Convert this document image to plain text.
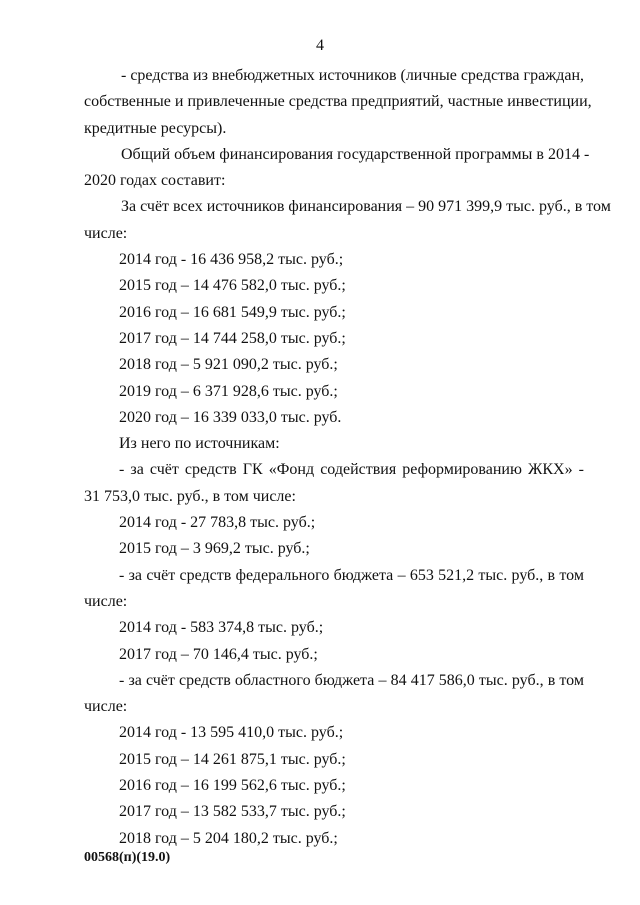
4
- средства из внебюджетных источников (личные средства граждан,
собственные и привлеченные средства предприятий, частные инвестиции,
кредитные ресурсы).
Общий объем финансирования государственной программы в 2014 -
2020 годах составит:
За счёт всех источников финансирования – 90 971 399,9 тыс. руб., в том
числе:
2014 год - 16 436 958,2 тыс. руб.;
2015 год – 14 476 582,0 тыс. руб.;
2016 год – 16 681 549,9 тыс. руб.;
2017 год – 14 744 258,0 тыс. руб.;
2018 год – 5 921 090,2 тыс. руб.;
2019 год – 6 371 928,6 тыс. руб.;
2020 год – 16 339 033,0 тыс. руб.
Из него по источникам:
- за счёт средств ГК «Фонд содействия реформированию ЖКХ» -
31 753,0 тыс. руб., в том числе:
2014 год - 27 783,8 тыс. руб.;
2015 год – 3 969,2 тыс. руб.;
- за счёт средств федерального бюджета – 653 521,2 тыс. руб., в том
числе:
2014 год - 583 374,8 тыс. руб.;
2017 год – 70 146,4 тыс. руб.;
- за счёт средств областного бюджета – 84 417 586,0 тыс. руб., в том
числе:
2014 год - 13 595 410,0 тыс. руб.;
2015 год – 14 261 875,1 тыс. руб.;
2016 год – 16 199 562,6 тыс. руб.;
2017 год – 13 582 533,7 тыс. руб.;
2018 год – 5 204 180,2 тыс. руб.;
00568(п)(19.0)
